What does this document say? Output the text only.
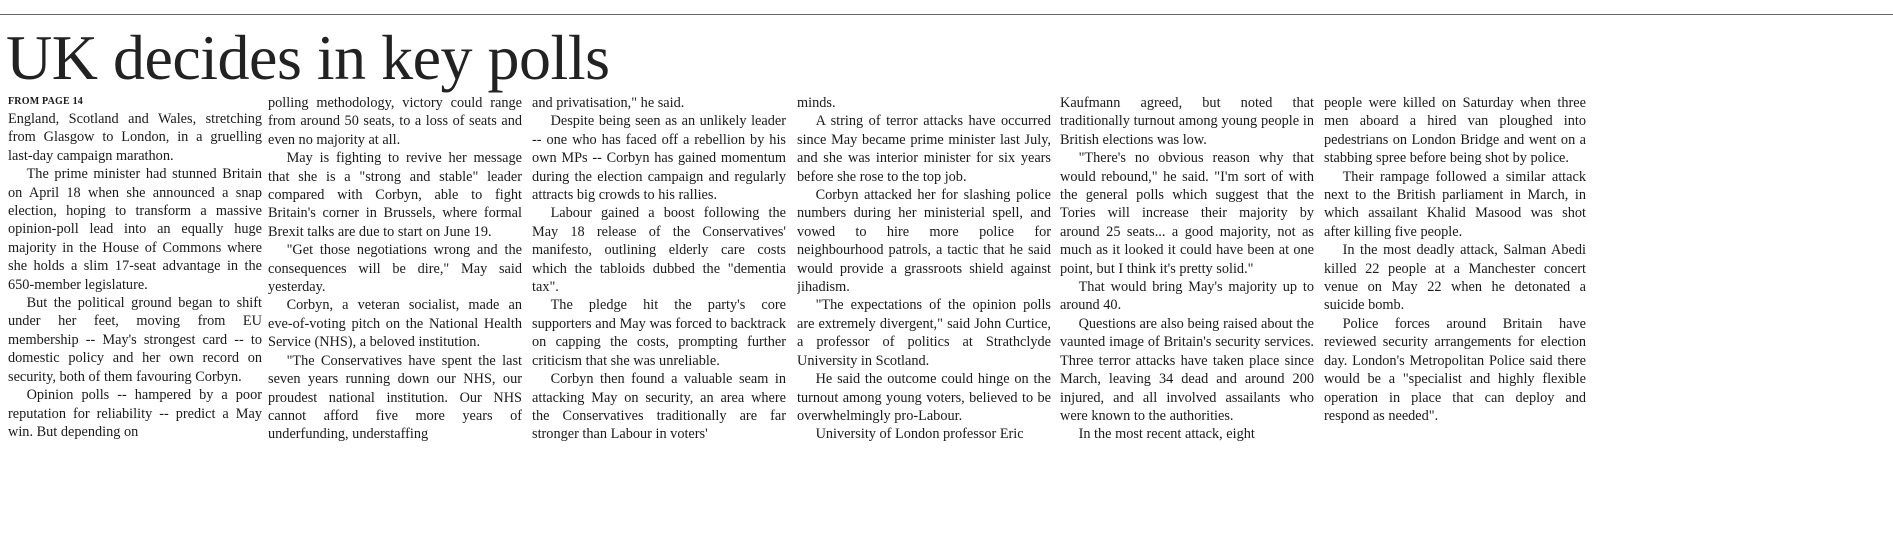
UK decides in key polls
FROM PAGE 14

England, Scotland and Wales, stretching from Glasgow to London, in a gruelling last-day campaign marathon.

The prime minister had stunned Britain on April 18 when she announced a snap election, hoping to transform a massive opinion-poll lead into an equally huge majority in the House of Commons where she holds a slim 17-seat advantage in the 650-member legislature.

But the political ground began to shift under her feet, moving from EU membership -- May's strongest card -- to domestic policy and her own record on security, both of them favouring Corbyn.

Opinion polls -- hampered by a poor reputation for reliability -- predict a May win. But depending on

polling methodology, victory could range from around 50 seats, to a loss of seats and even no majority at all.

May is fighting to revive her message that she is a "strong and stable" leader compared with Corbyn, able to fight Britain's corner in Brussels, where formal Brexit talks are due to start on June 19.

"Get those negotiations wrong and the consequences will be dire," May said yesterday.

Corbyn, a veteran socialist, made an eve-of-voting pitch on the National Health Service (NHS), a beloved institution.

"The Conservatives have spent the last seven years running down our NHS, our proudest national institution. Our NHS cannot afford five more years of underfunding, understaffing

and privatisation," he said.

Despite being seen as an unlikely leader -- one who has faced off a rebellion by his own MPs -- Corbyn has gained momentum during the election campaign and regularly attracts big crowds to his rallies.

Labour gained a boost following the May 18 release of the Conservatives' manifesto, outlining elderly care costs which the tabloids dubbed the "dementia tax".

The pledge hit the party's core supporters and May was forced to backtrack on capping the costs, prompting further criticism that she was unreliable.

Corbyn then found a valuable seam in attacking May on security, an area where the Conservatives traditionally are far stronger than Labour in voters'

minds.

A string of terror attacks have occurred since May became prime minister last July, and she was interior minister for six years before she rose to the top job.

Corbyn attacked her for slashing police numbers during her ministerial spell, and vowed to hire more police for neighbourhood patrols, a tactic that he said would provide a grassroots shield against jihadism.

"The expectations of the opinion polls are extremely divergent," said John Curtice, a professor of politics at Strathclyde University in Scotland.

He said the outcome could hinge on the turnout among young voters, believed to be overwhelmingly pro-Labour.

University of London professor Eric

Kaufmann agreed, but noted that traditionally turnout among young people in British elections was low.

"There's no obvious reason why that would rebound," he said. "I'm sort of with the general polls which suggest that the Tories will increase their majority by around 25 seats... a good majority, not as much as it looked it could have been at one point, but I think it's pretty solid."

That would bring May's majority up to around 40.

Questions are also being raised about the vaunted image of Britain's security services. Three terror attacks have taken place since March, leaving 34 dead and around 200 injured, and all involved assailants who were known to the authorities.

In the most recent attack, eight

people were killed on Saturday when three men aboard a hired van ploughed into pedestrians on London Bridge and went on a stabbing spree before being shot by police.

Their rampage followed a similar attack next to the British parliament in March, in which assailant Khalid Masood was shot after killing five people.

In the most deadly attack, Salman Abedi killed 22 people at a Manchester concert venue on May 22 when he detonated a suicide bomb.

Police forces around Britain have reviewed security arrangements for election day. London's Metropolitan Police said there would be a "specialist and highly flexible operation in place that can deploy and respond as needed".
